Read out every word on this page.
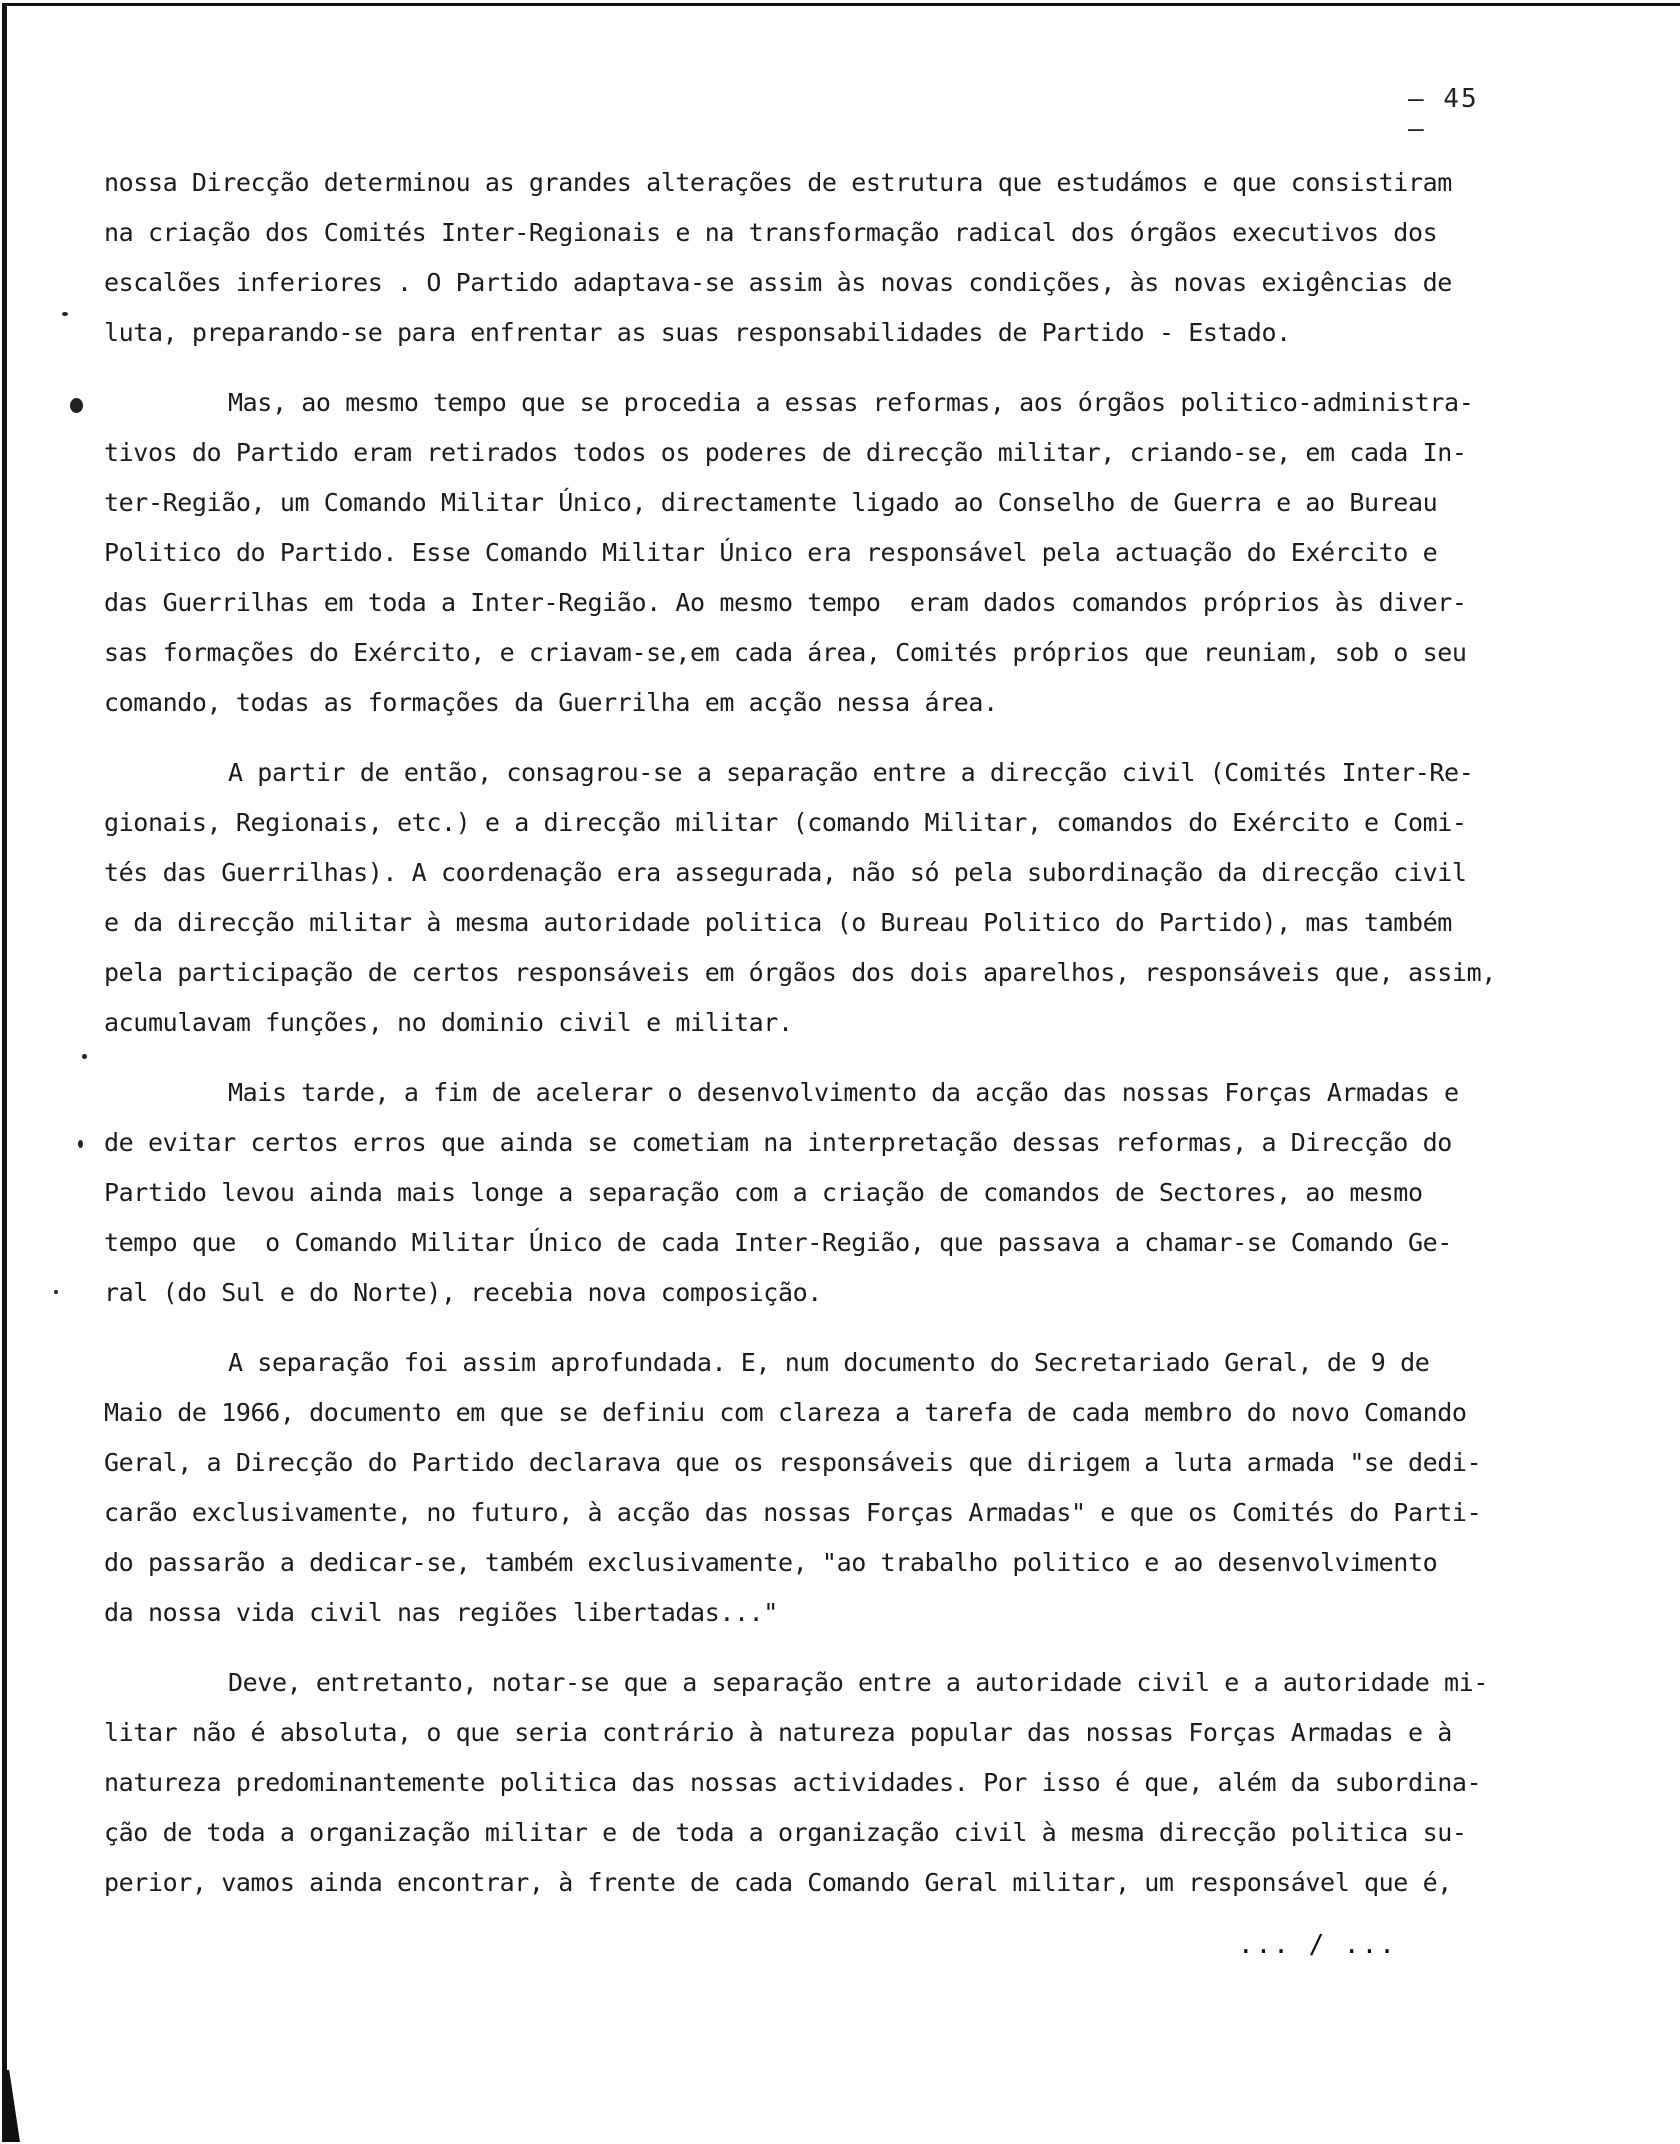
– 45 –
nossa Direcção determinou as grandes alterações de estrutura que estudámos e que consistiram
na criação dos Comités Inter-Regionais e na transformação radical dos órgãos executivos dos
escalões inferiores . O Partido adaptava-se assim às novas condições, às novas exigências de
luta, preparando-se para enfrentar as suas responsabilidades de Partido - Estado.
Mas, ao mesmo tempo que se procedia a essas reformas, aos órgãos politico-administra-
tivos do Partido eram retirados todos os poderes de direcção militar, criando-se, em cada In-
ter-Região, um Comando Militar Único, directamente ligado ao Conselho de Guerra e ao Bureau
Politico do Partido. Esse Comando Militar Único era responsável pela actuação do Exército e
das Guerrilhas em toda a Inter-Região. Ao mesmo tempo  eram dados comandos próprios às diver-
sas formações do Exército, e criavam-se,em cada área, Comités próprios que reuniam, sob o seu
comando, todas as formações da Guerrilha em acção nessa área.
A partir de então, consagrou-se a separação entre a direcção civil (Comités Inter-Re-
gionais, Regionais, etc.) e a direcção militar (comando Militar, comandos do Exército e Comi-
tés das Guerrilhas). A coordenação era assegurada, não só pela subordinação da direcção civil
e da direcção militar à mesma autoridade politica (o Bureau Politico do Partido), mas também
pela participação de certos responsáveis em órgãos dos dois aparelhos, responsáveis que, assim,
acumulavam funções, no dominio civil e militar.
Mais tarde, a fim de acelerar o desenvolvimento da acção das nossas Forças Armadas e
de evitar certos erros que ainda se cometiam na interpretação dessas reformas, a Direcção do
Partido levou ainda mais longe a separação com a criação de comandos de Sectores, ao mesmo
tempo que  o Comando Militar Único de cada Inter-Região, que passava a chamar-se Comando Ge-
ral (do Sul e do Norte), recebia nova composição.
A separação foi assim aprofundada. E, num documento do Secretariado Geral, de 9 de
Maio de 1966, documento em que se definiu com clareza a tarefa de cada membro do novo Comando
Geral, a Direcção do Partido declarava que os responsáveis que dirigem a luta armada "se dedi-
carão exclusivamente, no futuro, à acção das nossas Forças Armadas" e que os Comités do Parti-
do passarão a dedicar-se, também exclusivamente, "ao trabalho politico e ao desenvolvimento
da nossa vida civil nas regiões libertadas..."
Deve, entretanto, notar-se que a separação entre a autoridade civil e a autoridade mi-
litar não é absoluta, o que seria contrário à natureza popular das nossas Forças Armadas e à
natureza predominantemente politica das nossas actividades. Por isso é que, além da subordina-
ção de toda a organização militar e de toda a organização civil à mesma direcção politica su-
perior, vamos ainda encontrar, à frente de cada Comando Geral militar, um responsável que é,
... / ...
